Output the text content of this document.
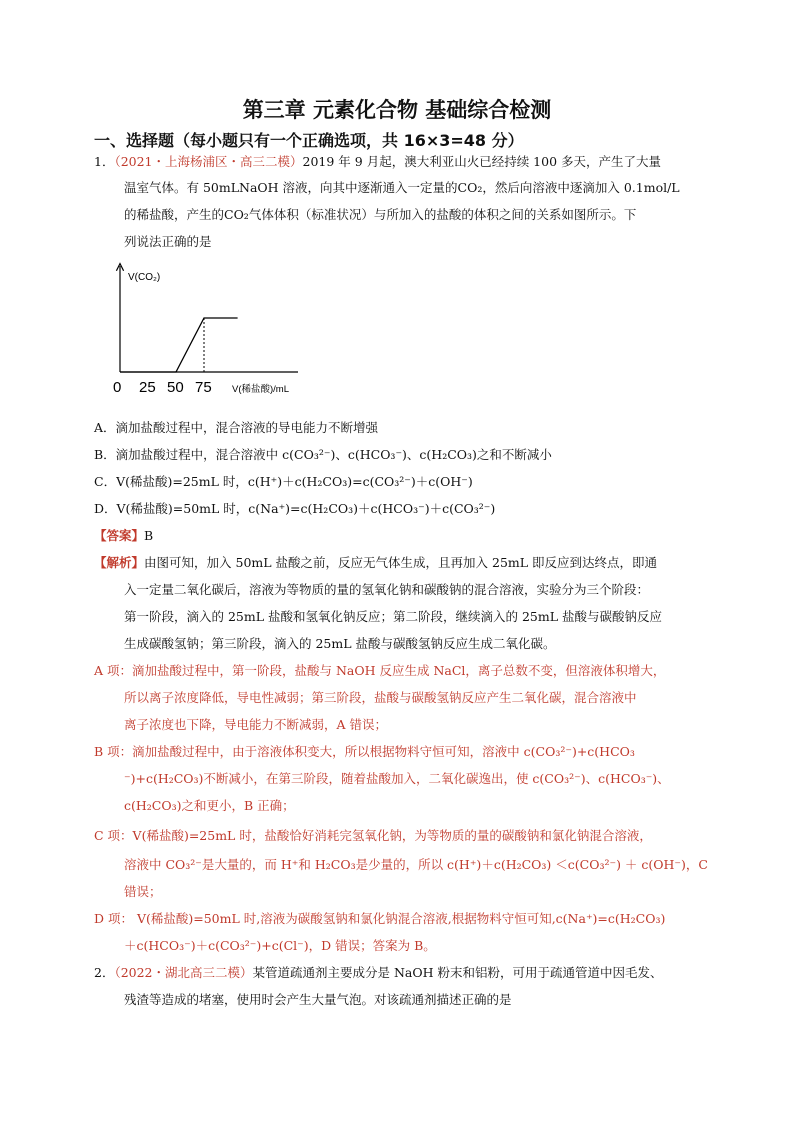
第三章 元素化合物 基础综合检测
一、选择题（每小题只有一个正确选项，共 16×3=48 分）
1．（2021・上海杨浦区・高三二模）2019 年 9 月起，澳大利亚山火已经持续 100 多天，产生了大量
温室气体。有 50mLNaOH 溶液，向其中逐渐通入一定量的CO₂，然后向溶液中逐滴加入 0.1mol/L
的稀盐酸，产生的CO₂气体体积（标准状况）与所加入的盐酸的体积之间的关系如图所示。下
列说法正确的是
V(CO₂)
0 25 50 75 V(稀盐酸)/mL
A．滴加盐酸过程中，混合溶液的导电能力不断增强
B．滴加盐酸过程中，混合溶液中 c(CO₃²⁻)、c(HCO₃⁻)、c(H₂CO₃)之和不断减小
C．V(稀盐酸)=25mL 时，c(H⁺)＋c(H₂CO₃)=c(CO₃²⁻)＋c(OH⁻)
D．V(稀盐酸)=50mL 时，c(Na⁺)=c(H₂CO₃)＋c(HCO₃⁻)＋c(CO₃²⁻)
【答案】B
【解析】由图可知，加入 50mL 盐酸之前，反应无气体生成，且再加入 25mL 即反应到达终点，即通
入一定量二氧化碳后，溶液为等物质的量的氢氧化钠和碳酸钠的混合溶液，实验分为三个阶段：
第一阶段，滴入的 25mL 盐酸和氢氧化钠反应；第二阶段，继续滴入的 25mL 盐酸与碳酸钠反应
生成碳酸氢钠；第三阶段，滴入的 25mL 盐酸与碳酸氢钠反应生成二氧化碳。
A 项：滴加盐酸过程中，第一阶段，盐酸与 NaOH 反应生成 NaCl，离子总数不变，但溶液体积增大，
所以离子浓度降低，导电性减弱；第三阶段，盐酸与碳酸氢钠反应产生二氧化碳，混合溶液中
离子浓度也下降，导电能力不断减弱，A 错误；
B 项：滴加盐酸过程中，由于溶液体积变大，所以根据物料守恒可知，溶液中 c(CO₃²⁻)+c(HCO₃
⁻)+c(H₂CO₃)不断减小，在第三阶段，随着盐酸加入，二氧化碳逸出，使 c(CO₃²⁻)、c(HCO₃⁻)、
c(H₂CO₃)之和更小，B 正确；
C 项：V(稀盐酸)=25mL 时，盐酸恰好消耗完氢氧化钠，为等物质的量的碳酸钠和氯化钠混合溶液，
溶液中 CO₃²⁻是大量的，而 H⁺和 H₂CO₃是少量的，所以 c(H⁺)＋c(H₂CO₃) ＜c(CO₃²⁻) ＋ c(OH⁻)，C
错误；
D 项： V(稀盐酸)=50mL 时,溶液为碳酸氢钠和氯化钠混合溶液,根据物料守恒可知,c(Na⁺)=c(H₂CO₃)
＋c(HCO₃⁻)＋c(CO₃²⁻)+c(Cl⁻)，D 错误；答案为 B。
2．（2022・湖北高三二模）某管道疏通剂主要成分是 NaOH 粉末和铝粉，可用于疏通管道中因毛发、
残渣等造成的堵塞，使用时会产生大量气泡。对该疏通剂描述正确的是
